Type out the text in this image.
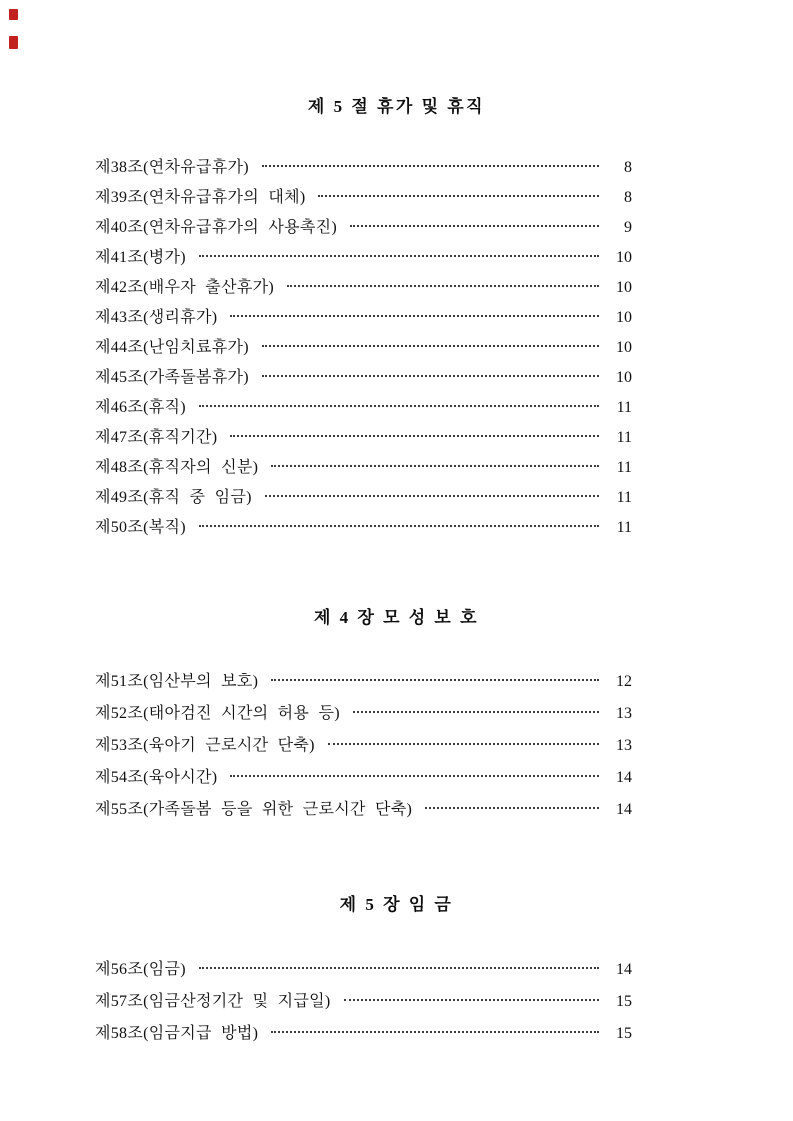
제 5 절 휴가 및 휴직
제38조(연차유급휴가)	8
제39조(연차유급휴가의 대체)	8
제40조(연차유급휴가의 사용촉진)	9
제41조(병가)	10
제42조(배우자 출산휴가)	10
제43조(생리휴가)	10
제44조(난임치료휴가)	10
제45조(가족돌봄휴가)	10
제46조(휴직)	11
제47조(휴직기간)	11
제48조(휴직자의 신분)	11
제49조(휴직 중 임금)	11
제50조(복직)	11
제 4 장 모 성 보 호
제51조(임산부의 보호)	12
제52조(태아검진 시간의 허용 등)	13
제53조(육아기 근로시간 단축)	13
제54조(육아시간)	14
제55조(가족돌봄 등을 위한 근로시간 단축)	14
제 5 장 임 금
제56조(임금)	14
제57조(임금산정기간 및 지급일)	15
제58조(임금지급 방법)	15
